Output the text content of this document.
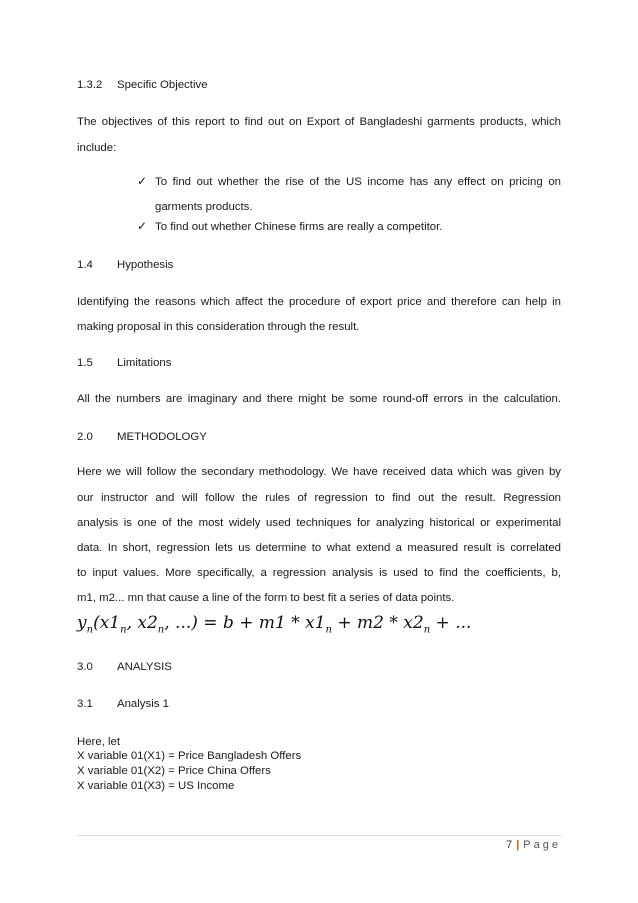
1.3.2 Specific Objective
The objectives of this report to find out on Export of Bangladeshi garments products, which
include:
✓ To find out whether the rise of the US income has any effect on pricing on
garments products.
✓ To find out whether Chinese firms are really a competitor.
1.4 Hypothesis
Identifying the reasons which affect the procedure of export price and therefore can help in
making proposal in this consideration through the result.
1.5 Limitations
All the numbers are imaginary and there might be some round-off errors in the calculation.
2.0 METHODOLOGY
Here we will follow the secondary methodology. We have received data which was given by
our instructor and will follow the rules of regression to find out the result. Regression
analysis is one of the most widely used techniques for analyzing historical or experimental
data. In short, regression lets us determine to what extend a measured result is correlated
to input values. More specifically, a regression analysis is used to find the coefficients, b,
m1, m2... mn that cause a line of the form to best fit a series of data points.
$y_n(x1_n$, $x2_n$, ...) = $b + m1 * x1_n + m2 * x2_n$ + ...
3.0 ANALYSIS
3.1 Analysis 1
Here, let
X variable 01(X1) = Price Bangladesh Offers
X variable 01(X2) = Price China Offers
X variable 01(X3) = US Income
7 | Page
